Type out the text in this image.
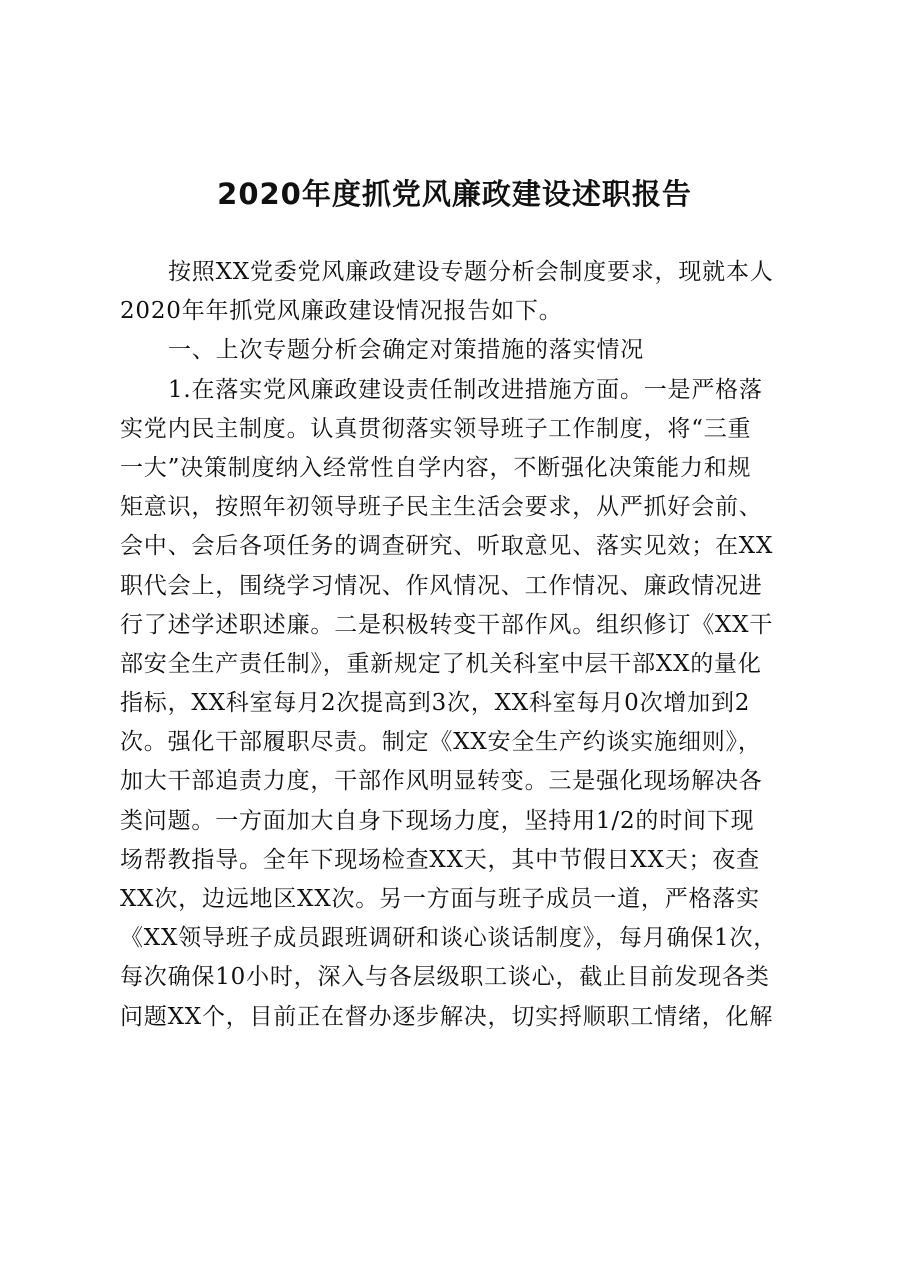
2020年度抓党风廉政建设述职报告
按照XX党委党风廉政建设专题分析会制度要求，现就本人
2020年年抓党风廉政建设情况报告如下。
一、上次专题分析会确定对策措施的落实情况
1.在落实党风廉政建设责任制改进措施方面。一是严格落
实党内民主制度。认真贯彻落实领导班子工作制度，将“三重
一大”决策制度纳入经常性自学内容，不断强化决策能力和规
矩意识，按照年初领导班子民主生活会要求，从严抓好会前、
会中、会后各项任务的调查研究、听取意见、落实见效；在XX
职代会上，围绕学习情况、作风情况、工作情况、廉政情况进
行了述学述职述廉。二是积极转变干部作风。组织修订《XX干
部安全生产责任制》，重新规定了机关科室中层干部XX的量化
指标，XX科室每月2次提高到3次，XX科室每月0次增加到2
次。强化干部履职尽责。制定《XX安全生产约谈实施细则》，
加大干部追责力度，干部作风明显转变。三是强化现场解决各
类问题。一方面加大自身下现场力度，坚持用1/2的时间下现
场帮教指导。全年下现场检查XX天，其中节假日XX天；夜查
XX次，边远地区XX次。另一方面与班子成员一道，严格落实
《XX领导班子成员跟班调研和谈心谈话制度》，每月确保1次，
每次确保10小时，深入与各层级职工谈心，截止目前发现各类
问题XX个，目前正在督办逐步解决，切实捋顺职工情绪，化解
